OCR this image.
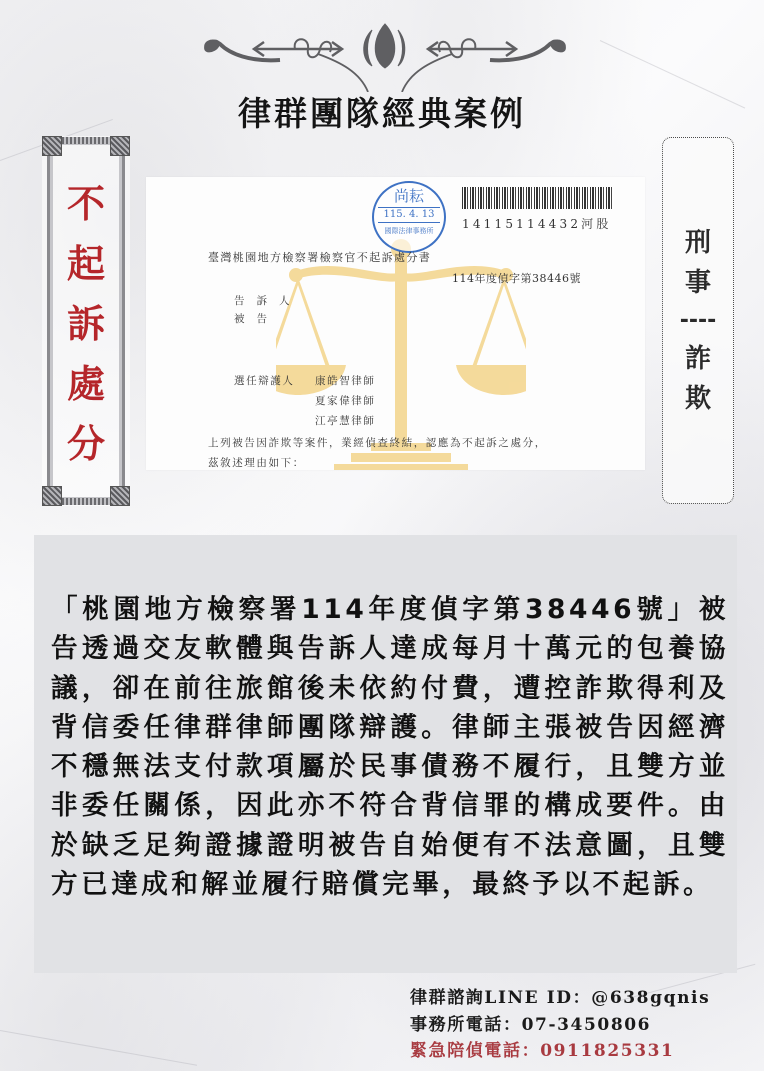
律群團隊經典案例
不
起
訴
處
分
尚耘
115. 4. 13
國際法律事務所	14115114432河股
臺灣桃園地方檢察署檢察官不起訴處分書
114年度偵字第38446號
告訴人
被告
選任辯護人 康皓智律師
夏家偉律師
江亭慧律師
上列被告因詐欺等案件，業經偵查終結，認應為不起訴之處分，
茲敘述理由如下：
刑
事
----
詐
欺

「桃園地方檢察署114年度偵字第38446號」被告透過交友軟體與告訴人達成每月十萬元的包養協議，卻在前往旅館後未依約付費，遭控詐欺得利及背信委任律群律師團隊辯護。律師主張被告因經濟不穩無法支付款項屬於民事債務不履行，且雙方並非委任關係，因此亦不符合背信罪的構成要件。由於缺乏足夠證據證明被告自始便有不法意圖，且雙方已達成和解並履行賠償完畢，最終予以不起訴。

律群諮詢LINE ID：@638gqnis
事務所電話：07-3450806
緊急陪偵電話：0911825331
